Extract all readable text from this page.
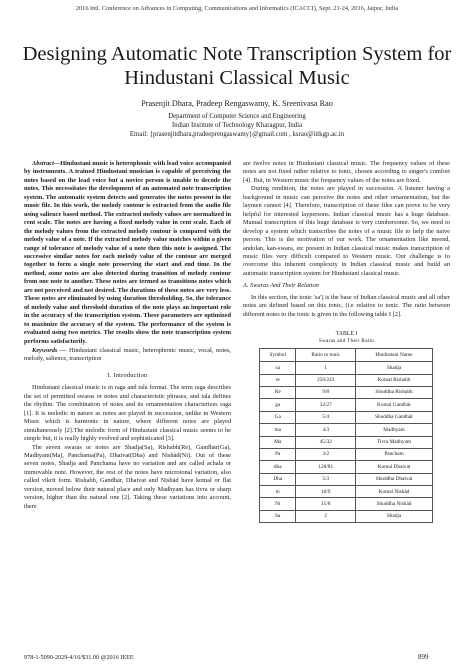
2016 Intl. Conference on Advances in Computing, Communications and Informatics (ICACCI), Sept. 21-24, 2016, Jaipur, India
Designing Automatic Note Transcription System for Hindustani Classical Music
Prasenjit Dhara, Pradeep Rengaswamy, K. Sreenivasa Rao
Department of Computer Science and Engineering
Indian Institute of Technology Kharagpur, India
Email: {prasenjitdhara,pradeeprengaswamy}@gmail.com , ksrao@iitkgp.ac.in

Abstract—Hindustani music is heterophonic with lead voice accompanied by instruments. A trained Hindustani musician is capable of perceiving the notes based on the lead voice but a novice person is unable to decode the notes. This necessitates the development of an automated note transcription system. The automatic system detects and generates the notes present in the music file. In this work, the melody contour is extracted from the audio file using salience based method. The extracted melody values are normalized in cent scale. The notes are having a fixed melody value in cent scale. Each of the melody values from the extracted melody contour is compared with the melody value of a note. If the extracted melody value matches within a given range of tolerance of melody value of a note then this note is assigned. The successive similar notes for each melody value of the contour are merged together to form a single note preserving the start and end time. In the method, some notes are also detected during transition of melody contour from one note to another. These notes are termed as transitions notes which are not perceived and not desired. The durations of these notes are very less. These notes are eliminated by using duration thresholding. So, the tolerance of melody value and threshold duration of the note plays an important role in the accuracy of the transcription system. These parameters are optimized to maximize the accuracy of the system. The performance of the system is evaluated using two metrics. The results show the note transcription system performs satisfactorily.

Keywords — Hindustani classical music, heterophonic music, vocal, notes, melody, salience, transcription

I. Introduction

Hindustani classical music is in raga and tala format. The term raga describes the set of permitted swaras or notes and characteristic phrases, and tala defines the rhythm. The combination of notes and its ornamentation characterizes raga [1]. It is melodic in nature as notes are played in succession, unlike in Western Music which is harmonic in nature, where different notes are played simultaneously [2].The melodic form of Hindustani classical music seems to be simple but, it is really highly evolved and sophisticated [3].

The seven swaras or notes are Shadja(Sa), Rishabh(Re), Gandhār(Ga), Madhyam(Ma), Panchama(Pa), Dhaivat(Dha) and Nishād(Ni). Out of these seven notes, Shadja and Panchama have no variation and are called achala or immovable note. However, the rest of the notes have microtonal variation, also called vikrit form. Rishabh, Gandhār, Dhaivat and Nishād have komal or flat version, moved below their natural place and only Madhyam has tivra or sharp version, higher than the natural one [2]. Taking these variations into account, there

are twelve notes in Hindustani classical music. The frequency values of these notes are not fixed rather relative to tonic, chosen according to singer's comfort [4]. But, in Western music the frequency values of the notes are fixed.

During rendition, the notes are played in succession. A listener having a background in music can perceive the notes and other ornamentation, but the laymen cannot [4]. Therefore, transcription of these files can prove to be very helpful for interested laypersons. Indian classical music has a huge database. Manual transcription of this huge database is very cumbersome. So, we need to develop a system which transcribes the notes of a music file to help the naive person. This is the motivation of our work. The ornamentation like meend, andolan, kan-swara, etc present in Indian classical music makes transcription of music files very difficult compared to Western music. Our challenge is to overcome this inherent complexity in Indian classical music and build an automatic transcription system for Hindustani classical music.

A. Swaras And Their Relation

In this section, the tonic 'sa') is the base of Indian classical music and all other notes are defined based on this tonic, (i.e relative to tonic. The ratio between different notes to the tonic is given in the following table I [2].

TABLE I
Swaras and Their Ratio
Symbol	Ratio to tonic	Hindustani Name
sa	1	Shadja
re	256/243	Komal Rishabh
Re	9/8	Shuddha Rishabh
ga	32/27	Komal Gandhār
Ga	5/4	Shuddha Gandhār
ma	4/3	Madhyam
Ma	45/32	Tivra Madhyam
Pa	3/2	Pancham
dha	128/81	Komal Dhaivat
Dha	5/3	Shuddha Dhaivat
ni	16/9	Komal Nishād
Ni	15/8	Shuddha Nishād
Sa	2	Shadja
978-1-5090-2029-4/16/$31.00 @2016 IEEE	899
